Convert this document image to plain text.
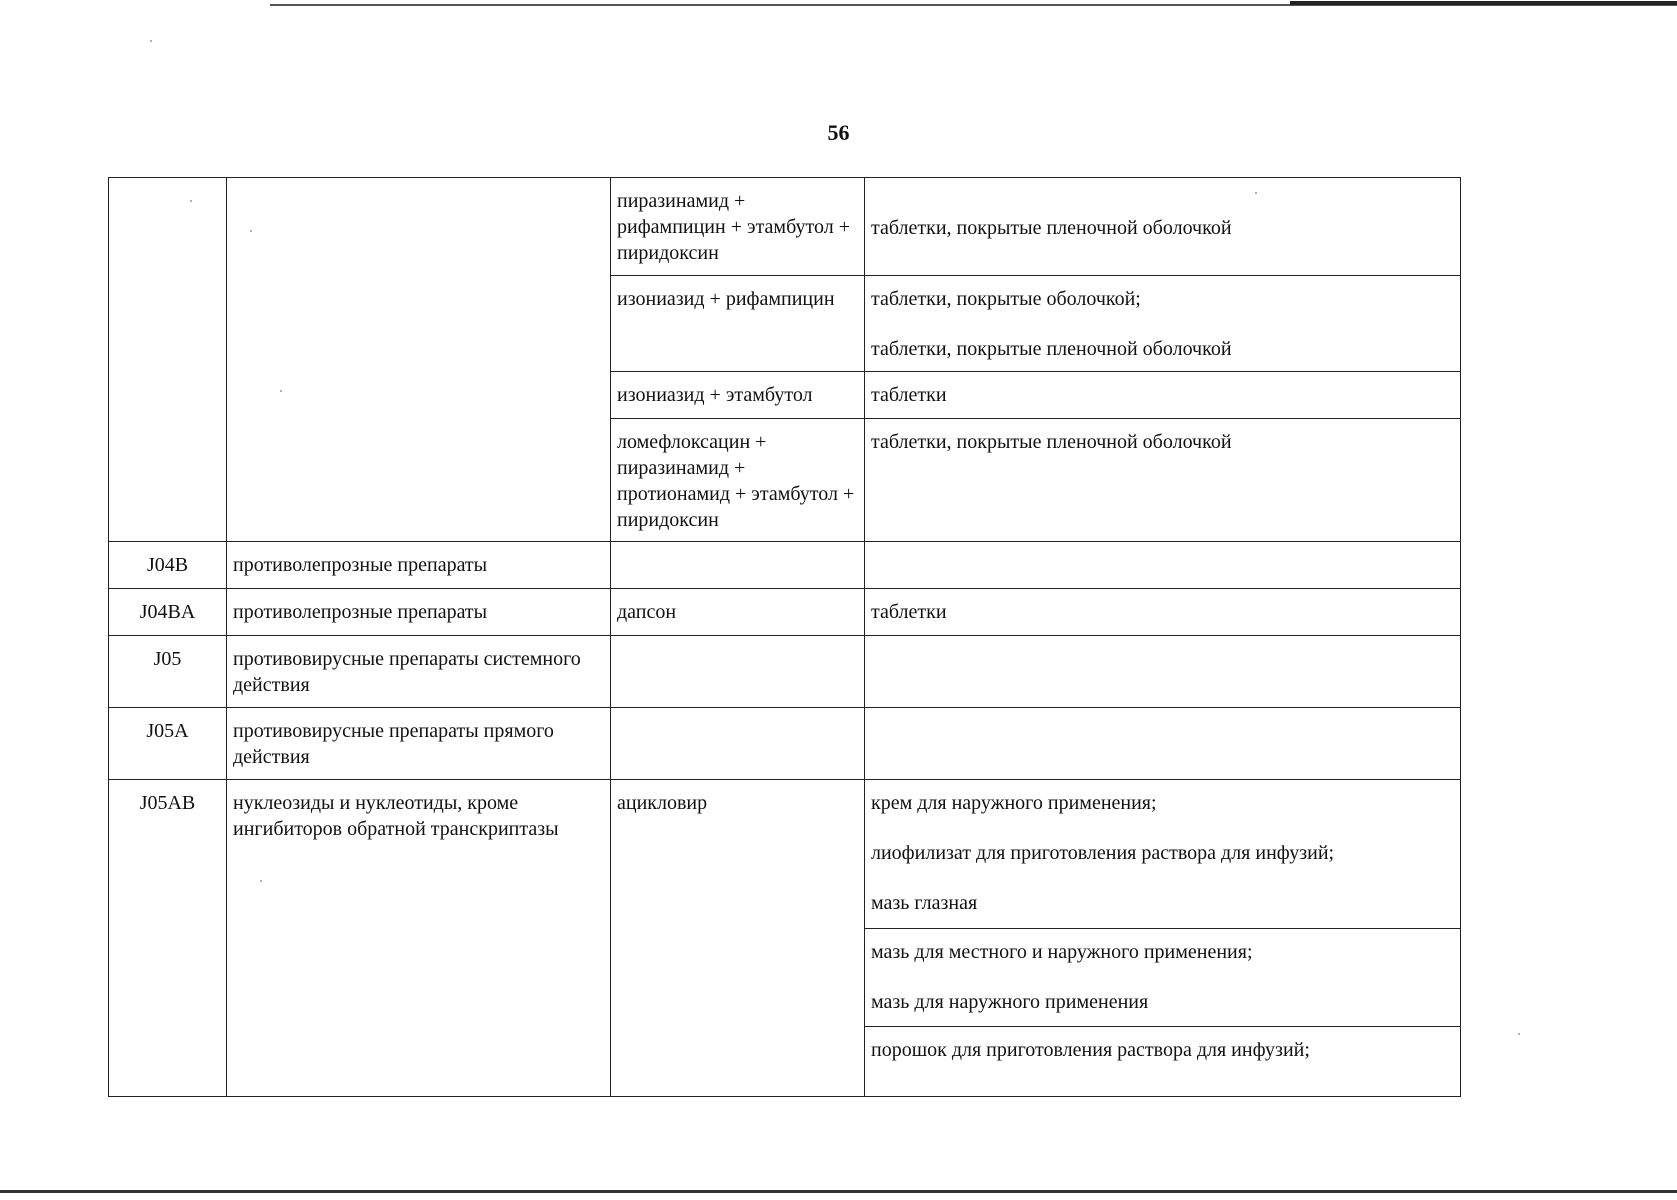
56
		пиразинамид + рифампицин + этамбутол + пиридоксин	таблетки, покрытые пленочной оболочкой

		изониазид + рифампицин	таблетки, покрытые оболочкой;
таблетки, покрытые пленочной оболочкой

		изониазид + этамбутол	таблетки

		ломефлоксацин + пиразинамид + протионамид + этамбутол + пиридоксин	таблетки, покрытые пленочной оболочкой

J04B	противолепрозные препараты		
J04BA	противолепрозные препараты	дапсон	таблетки

J05	противовирусные препараты системного действия		
J05A	противовирусные препараты прямого действия		
J05AB	нуклеозиды и нуклеотиды, кроме ингибиторов обратной транскриптазы	ацикловир	крем для наружного применения;
лиофилизат для приготовления раствора для инфузий;
мазь глазная

			мазь для местного и наружного применения;
мазь для наружного применения

			порошок для приготовления раствора для инфузий;
